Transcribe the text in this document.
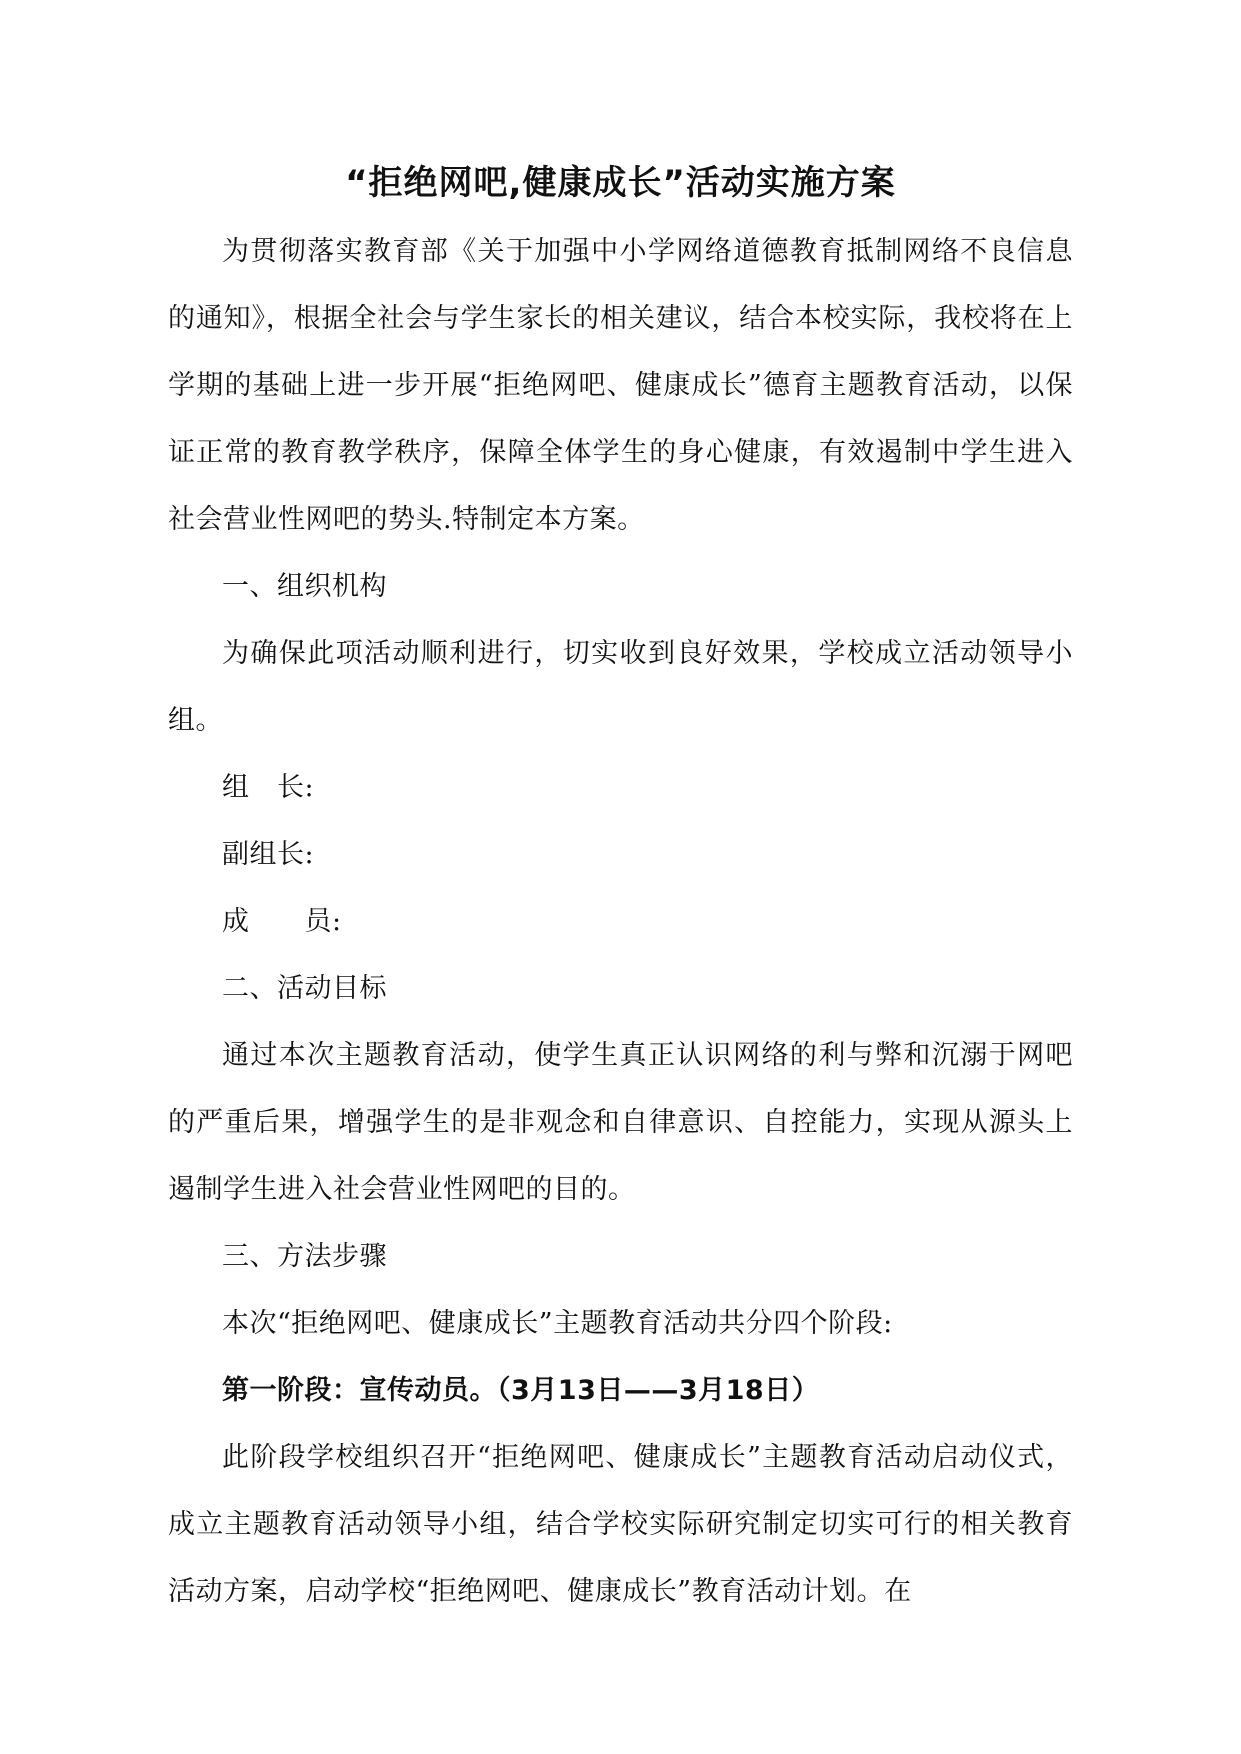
“拒绝网吧,健康成长”活动实施方案

为贯彻落实教育部《关于加强中小学网络道德教育抵制网络不良信息的通知》，根据全社会与学生家长的相关建议，结合本校实际，我校将在上学期的基础上进一步开展“拒绝网吧、健康成长”德育主题教育活动，以保证正常的教育教学秩序，保障全体学生的身心健康，有效遏制中学生进入社会营业性网吧的势头.特制定本方案。

一、组织机构

为确保此项活动顺利进行，切实收到良好效果，学校成立活动领导小组。

组　长:

副组长:

成　　员:

二、活动目标

通过本次主题教育活动，使学生真正认识网络的利与弊和沉溺于网吧的严重后果，增强学生的是非观念和自律意识、自控能力，实现从源头上遏制学生进入社会营业性网吧的目的。

三、方法步骤

本次“拒绝网吧、健康成长”主题教育活动共分四个阶段:

第一阶段：宣传动员。（3月13日——3月18日）

此阶段学校组织召开“拒绝网吧、健康成长”主题教育活动启动仪式，成立主题教育活动领导小组，结合学校实际研究制定切实可行的相关教育活动方案，启动学校“拒绝网吧、健康成长”教育活动计划。在
